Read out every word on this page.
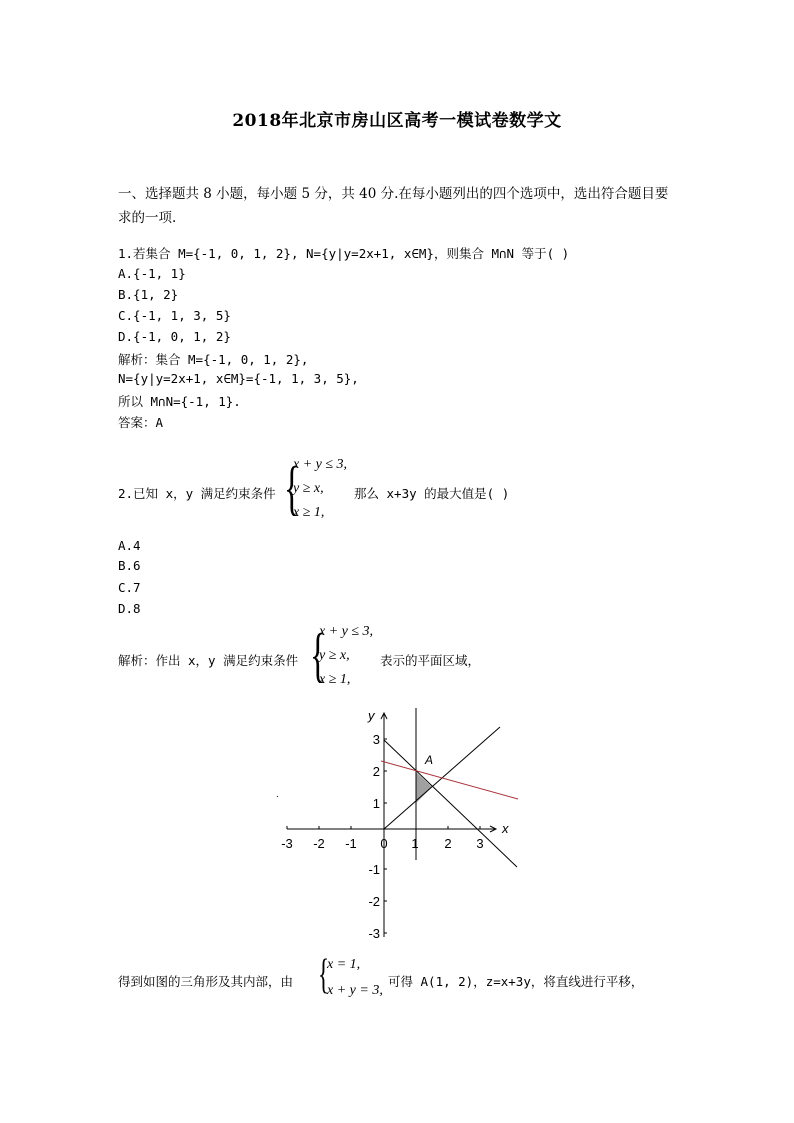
2018年北京市房山区高考一模试卷数学文
一、选择题共 8 小题，每小题 5 分，共 40 分.在每小题列出的四个选项中，选出符合题目要
求的一项.
1.若集合 M={-1, 0, 1, 2}, N={y|y=2x+1, x∈M}，则集合 M∩N 等于( )
A.{-1, 1}
B.{1, 2}
C.{-1, 1, 3, 5}
D.{-1, 0, 1, 2}
解析：集合 M={-1, 0, 1, 2},
N={y|y=2x+1, x∈M}={-1, 1, 3, 5},
所以 M∩N={-1, 1}.
答案：A
2.已知 x，y 满足约束条件 {
x + y ≤ 3,
y ≥ x,
x ≥ 1,
那么 x+3y 的最大值是( )
A.4
B.6
C.7
D.8
解析：作出 x，y 满足约束条件 {
x + y ≤ 3,
y ≥ x,
x ≥ 1,
表示的平面区域，
x
y
A
.
-3 -2 -1 0 1 2 3
3
2
1
-1
-2
-3
得到如图的三角形及其内部，由 {
x = 1,
x + y = 3,
可得 A(1, 2)，z=x+3y，将直线进行平移，
